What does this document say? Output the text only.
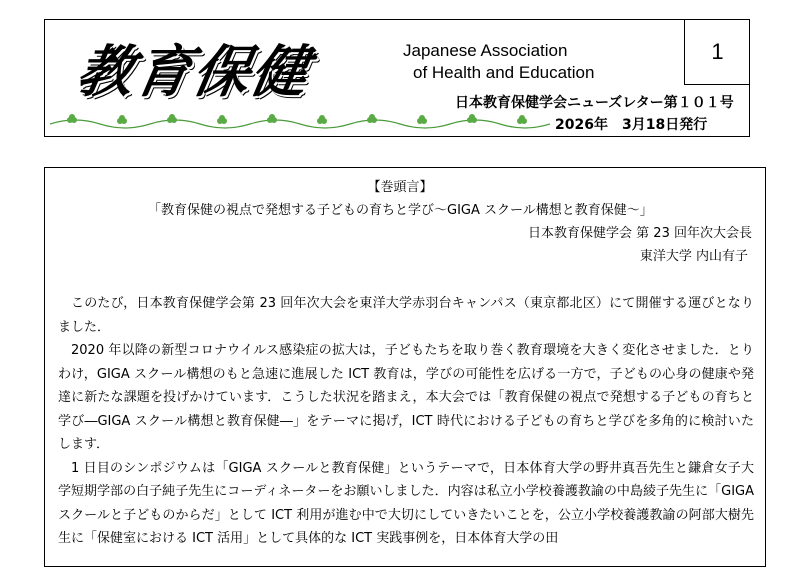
教育保健	Japanese Association
of Health and Education
1
日本教育保健学会ニューズレター第１０１号
2026年　3月18日発行
【巻頭言】
「教育保健の視点で発想する子どもの育ちと学び～GIGA スクール構想と教育保健～」
日本教育保健学会 第 23 回年次大会長
東洋大学 内山有子

このたび，日本教育保健学会第 23 回年次大会を東洋大学赤羽台キャンパス（東京都北区）にて開催する運びとなりました．

2020 年以降の新型コロナウイルス感染症の拡大は，子どもたちを取り巻く教育環境を大きく変化させました．とりわけ，GIGA スクール構想のもと急速に進展した ICT 教育は，学びの可能性を広げる一方で，子どもの心身の健康や発達に新たな課題を投げかけています．こうした状況を踏まえ，本大会では「教育保健の視点で発想する子どもの育ちと学び―GIGA スクール構想と教育保健―」をテーマに掲げ，ICT 時代における子どもの育ちと学びを多角的に検討いたします．

1 日目のシンポジウムは「GIGA スクールと教育保健」というテーマで，日本体育大学の野井真吾先生と鎌倉女子大学短期学部の白子純子先生にコーディネーターをお願いしました．内容は私立小学校養護教諭の中島綾子先生に「GIGA スクールと子どものからだ」として ICT 利用が進む中で大切にしていきたいことを，公立小学校養護教諭の阿部大樹先生に「保健室における ICT 活用」として具体的な ICT 実践事例を，日本体育大学の田
